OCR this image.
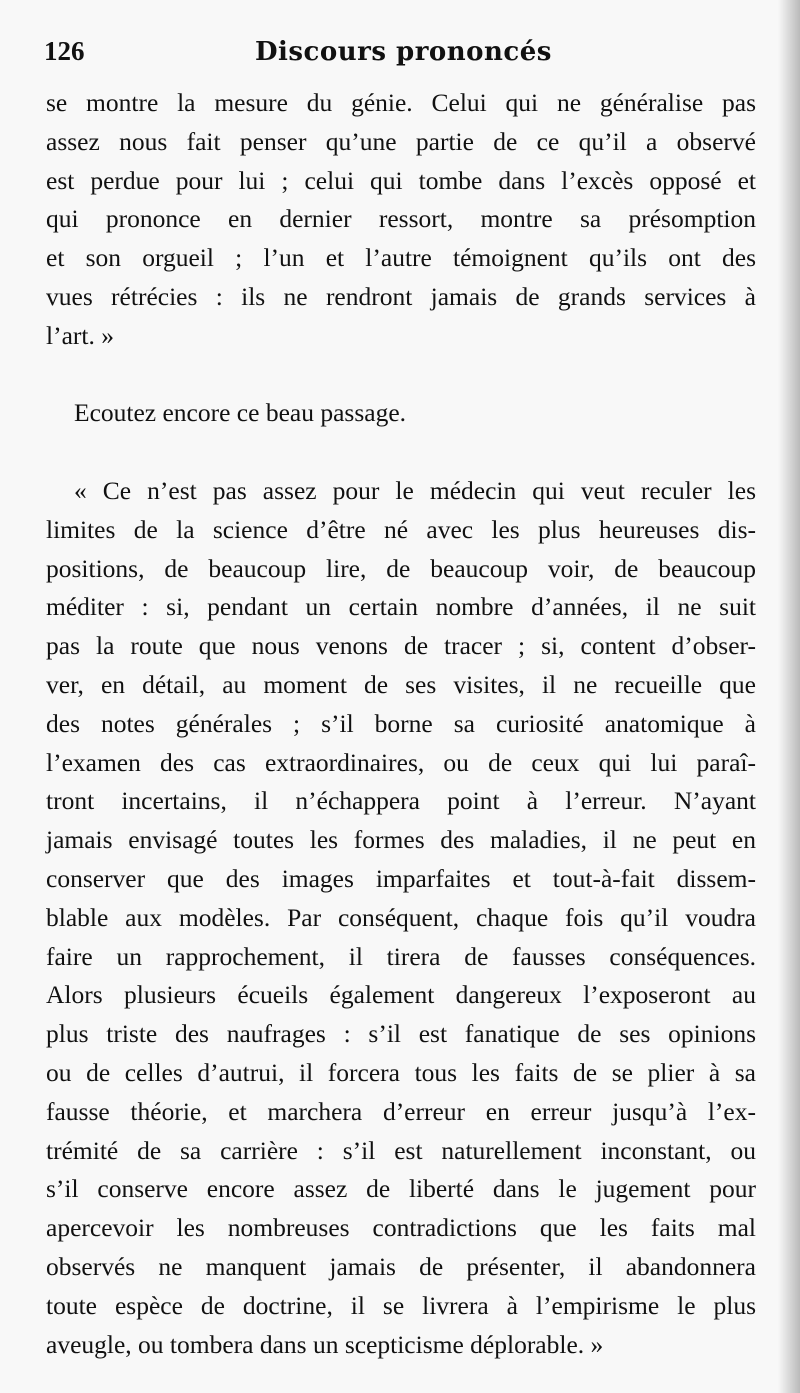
126	Discours prononcés
se montre la mesure du génie. Celui qui ne généralise pas
assez nous fait penser qu’une partie de ce qu’il a observé
est perdue pour lui ; celui qui tombe dans l’excès opposé et
qui prononce en dernier ressort, montre sa présomption
et son orgueil ; l’un et l’autre témoignent qu’ils ont des
vues rétrécies : ils ne rendront jamais de grands services à
l’art. »
Ecoutez encore ce beau passage.
« Ce n’est pas assez pour le médecin qui veut reculer les
limites de la science d’être né avec les plus heureuses dis-
positions, de beaucoup lire, de beaucoup voir, de beaucoup
méditer : si, pendant un certain nombre d’années, il ne suit
pas la route que nous venons de tracer ; si, content d’obser-
ver, en détail, au moment de ses visites, il ne recueille que
des notes générales ; s’il borne sa curiosité anatomique à
l’examen des cas extraordinaires, ou de ceux qui lui paraî-
tront incertains, il n’échappera point à l’erreur. N’ayant
jamais envisagé toutes les formes des maladies, il ne peut en
conserver que des images imparfaites et tout-à-fait dissem-
blable aux modèles. Par conséquent, chaque fois qu’il voudra
faire un rapprochement, il tirera de fausses conséquences.
Alors plusieurs écueils également dangereux l’exposeront au
plus triste des naufrages : s’il est fanatique de ses opinions
ou de celles d’autrui, il forcera tous les faits de se plier à sa
fausse théorie, et marchera d’erreur en erreur jusqu’à l’ex-
trémité de sa carrière : s’il est naturellement inconstant, ou
s’il conserve encore assez de liberté dans le jugement pour
apercevoir les nombreuses contradictions que les faits mal
observés ne manquent jamais de présenter, il abandonnera
toute espèce de doctrine, il se livrera à l’empirisme le plus
aveugle, ou tombera dans un scepticisme déplorable. »
